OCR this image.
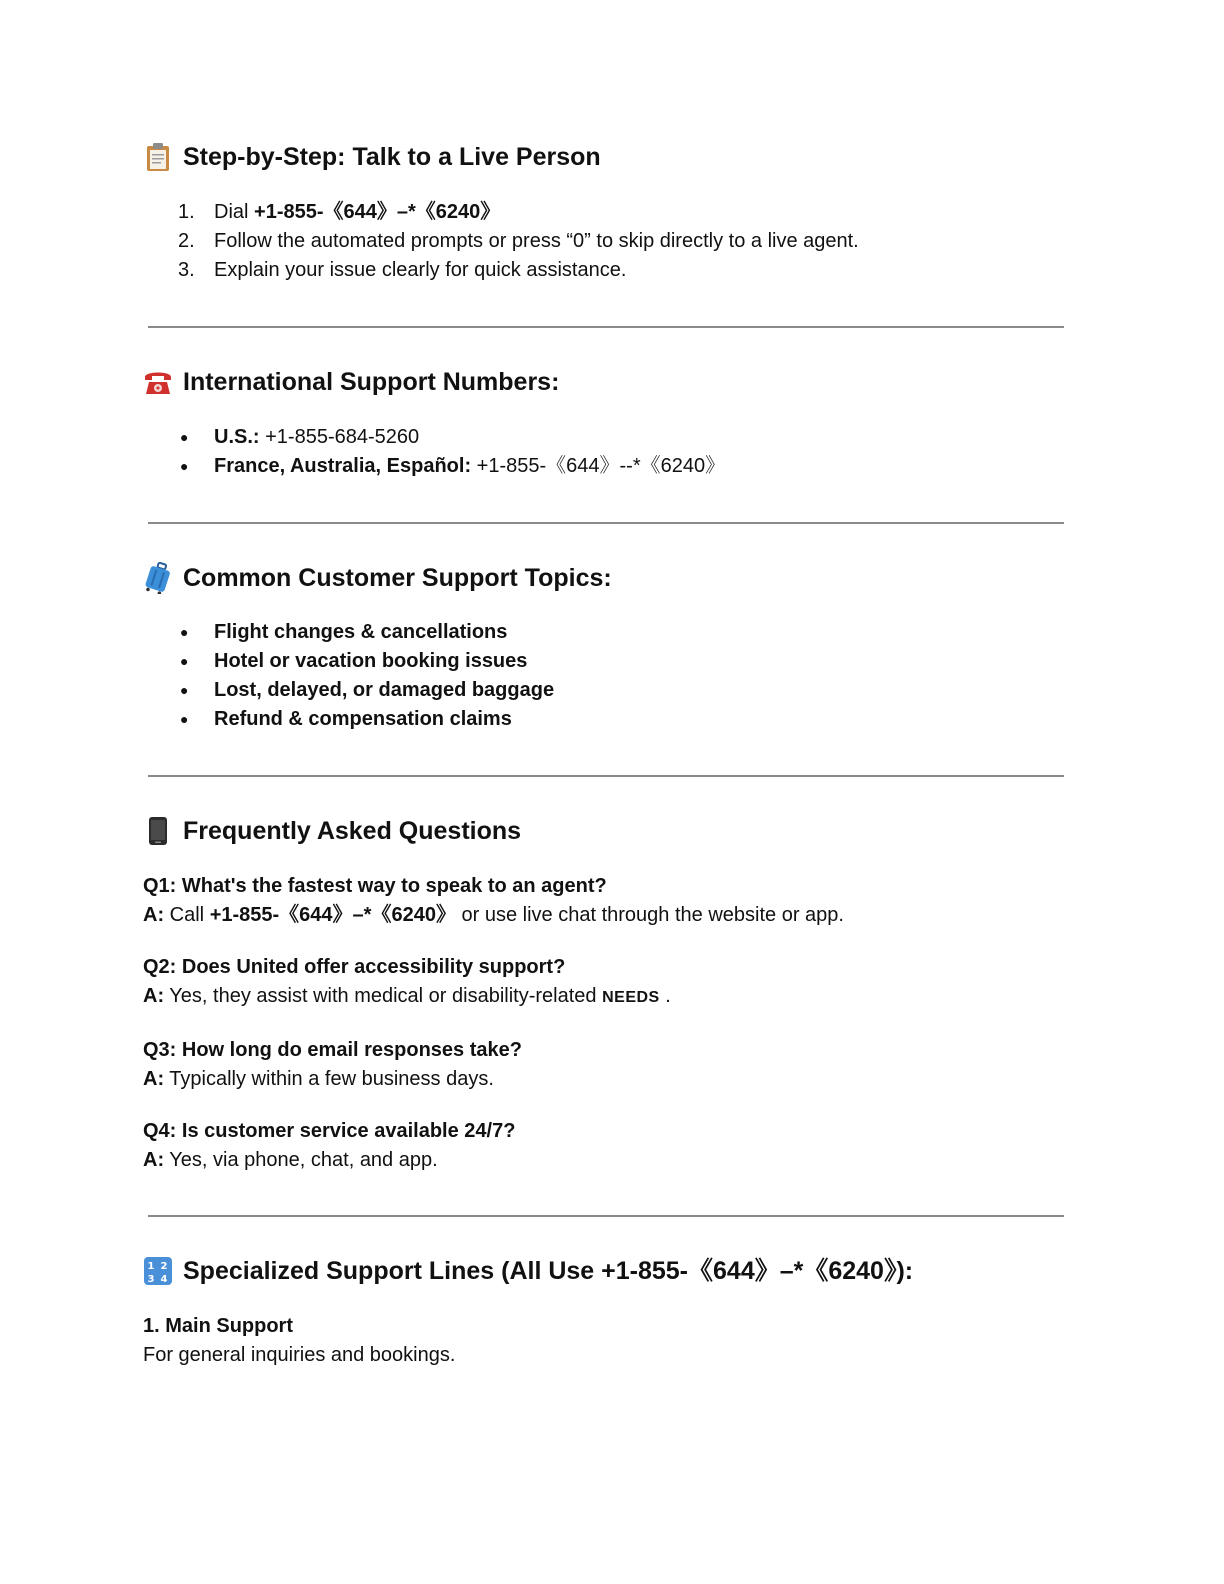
Step-by-Step: Talk to a Live Person
1. Dial +1-855-《644》–*《6240》
2. Follow the automated prompts or press “0” to skip directly to a live agent.
3. Explain your issue clearly for quick assistance.
International Support Numbers:
● U.S.: +1-855-684-5260
● France, Australia, Español: +1-855-《644》--*《6240》
Common Customer Support Topics:
● Flight changes & cancellations
● Hotel or vacation booking issues
● Lost, delayed, or damaged baggage
● Refund & compensation claims
Frequently Asked Questions
Q1: What's the fastest way to speak to an agent?
A: Call +1-855-《644》–*《6240》 or use live chat through the website or app.
Q2: Does United offer accessibility support?
A: Yes, they assist with medical or disability-related NEEDS .
Q3: How long do email responses take?
A: Typically within a few business days.
Q4: Is customer service available 24/7?
A: Yes, via phone, chat, and app.
1 2
3 4 Specialized Support Lines (All Use +1-855-《644》–*《6240》):
1. Main Support
For general inquiries and bookings.
